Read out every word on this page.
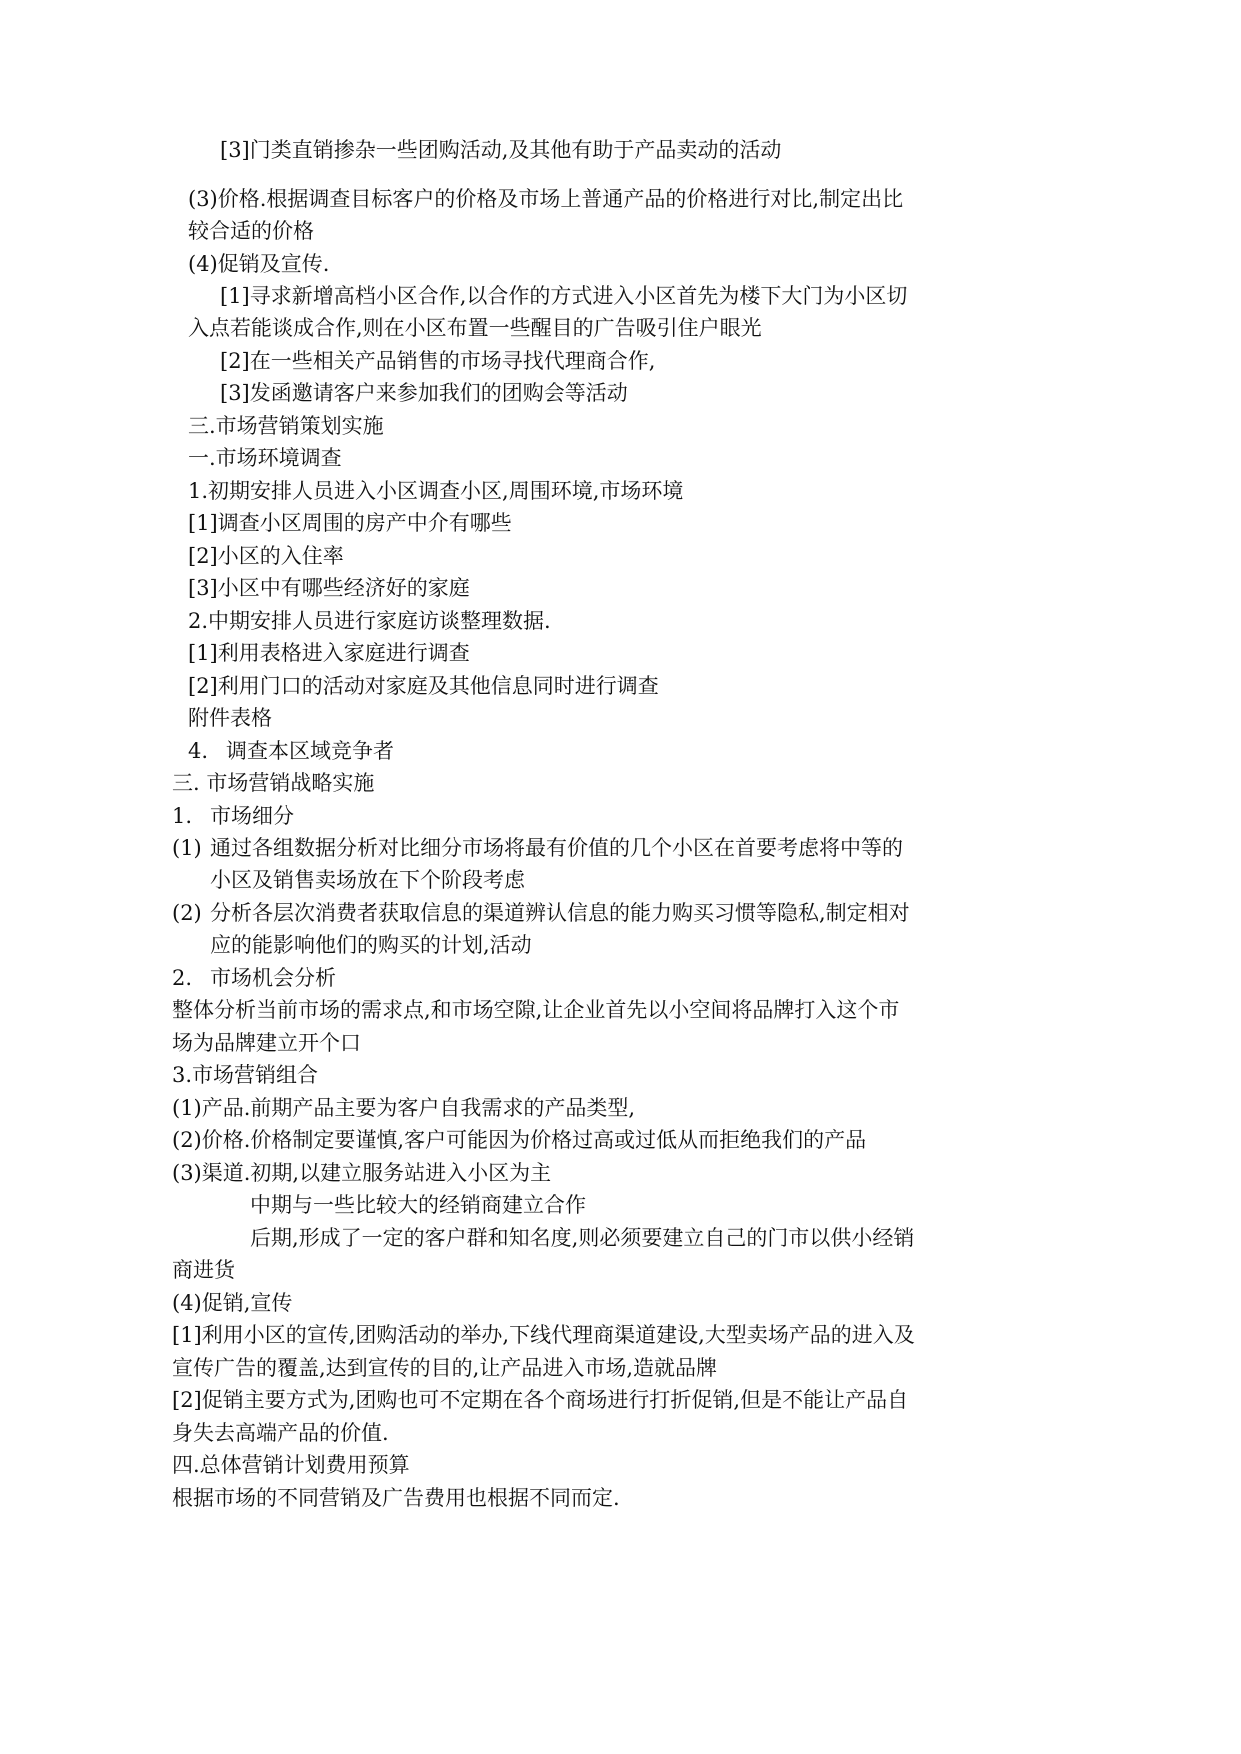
[3]门类直销掺杂一些团购活动,及其他有助于产品卖动的活动
(3)价格.根据调查目标客户的价格及市场上普通产品的价格进行对比,制定出比
较合适的价格
(4)促销及宣传.
[1]寻求新增高档小区合作,以合作的方式进入小区首先为楼下大门为小区切
入点若能谈成合作,则在小区布置一些醒目的广告吸引住户眼光
[2]在一些相关产品销售的市场寻找代理商合作,
[3]发函邀请客户来参加我们的团购会等活动
三.市场营销策划实施
一.市场环境调查
1.初期安排人员进入小区调查小区,周围环境,市场环境
[1]调查小区周围的房产中介有哪些
[2]小区的入住率
[3]小区中有哪些经济好的家庭
2.中期安排人员进行家庭访谈整理数据.
[1]利用表格进入家庭进行调查
[2]利用门口的活动对家庭及其他信息同时进行调查
附件表格
4. 调查本区域竞争者
三. 市场营销战略实施
1. 市场细分
(1) 通过各组数据分析对比细分市场将最有价值的几个小区在首要考虑将中等的
小区及销售卖场放在下个阶段考虑
(2) 分析各层次消费者获取信息的渠道辨认信息的能力购买习惯等隐私,制定相对
应的能影响他们的购买的计划,活动
2. 市场机会分析
整体分析当前市场的需求点,和市场空隙,让企业首先以小空间将品牌打入这个市
场为品牌建立开个口
3.市场营销组合
(1)产品.前期产品主要为客户自我需求的产品类型,
(2)价格.价格制定要谨慎,客户可能因为价格过高或过低从而拒绝我们的产品
(3)渠道.初期,以建立服务站进入小区为主
中期与一些比较大的经销商建立合作
后期,形成了一定的客户群和知名度,则必须要建立自己的门市以供小经销
商进货
(4)促销,宣传
[1]利用小区的宣传,团购活动的举办,下线代理商渠道建设,大型卖场产品的进入及
宣传广告的覆盖,达到宣传的目的,让产品进入市场,造就品牌
[2]促销主要方式为,团购也可不定期在各个商场进行打折促销,但是不能让产品自
身失去高端产品的价值.
四.总体营销计划费用预算
根据市场的不同营销及广告费用也根据不同而定.
